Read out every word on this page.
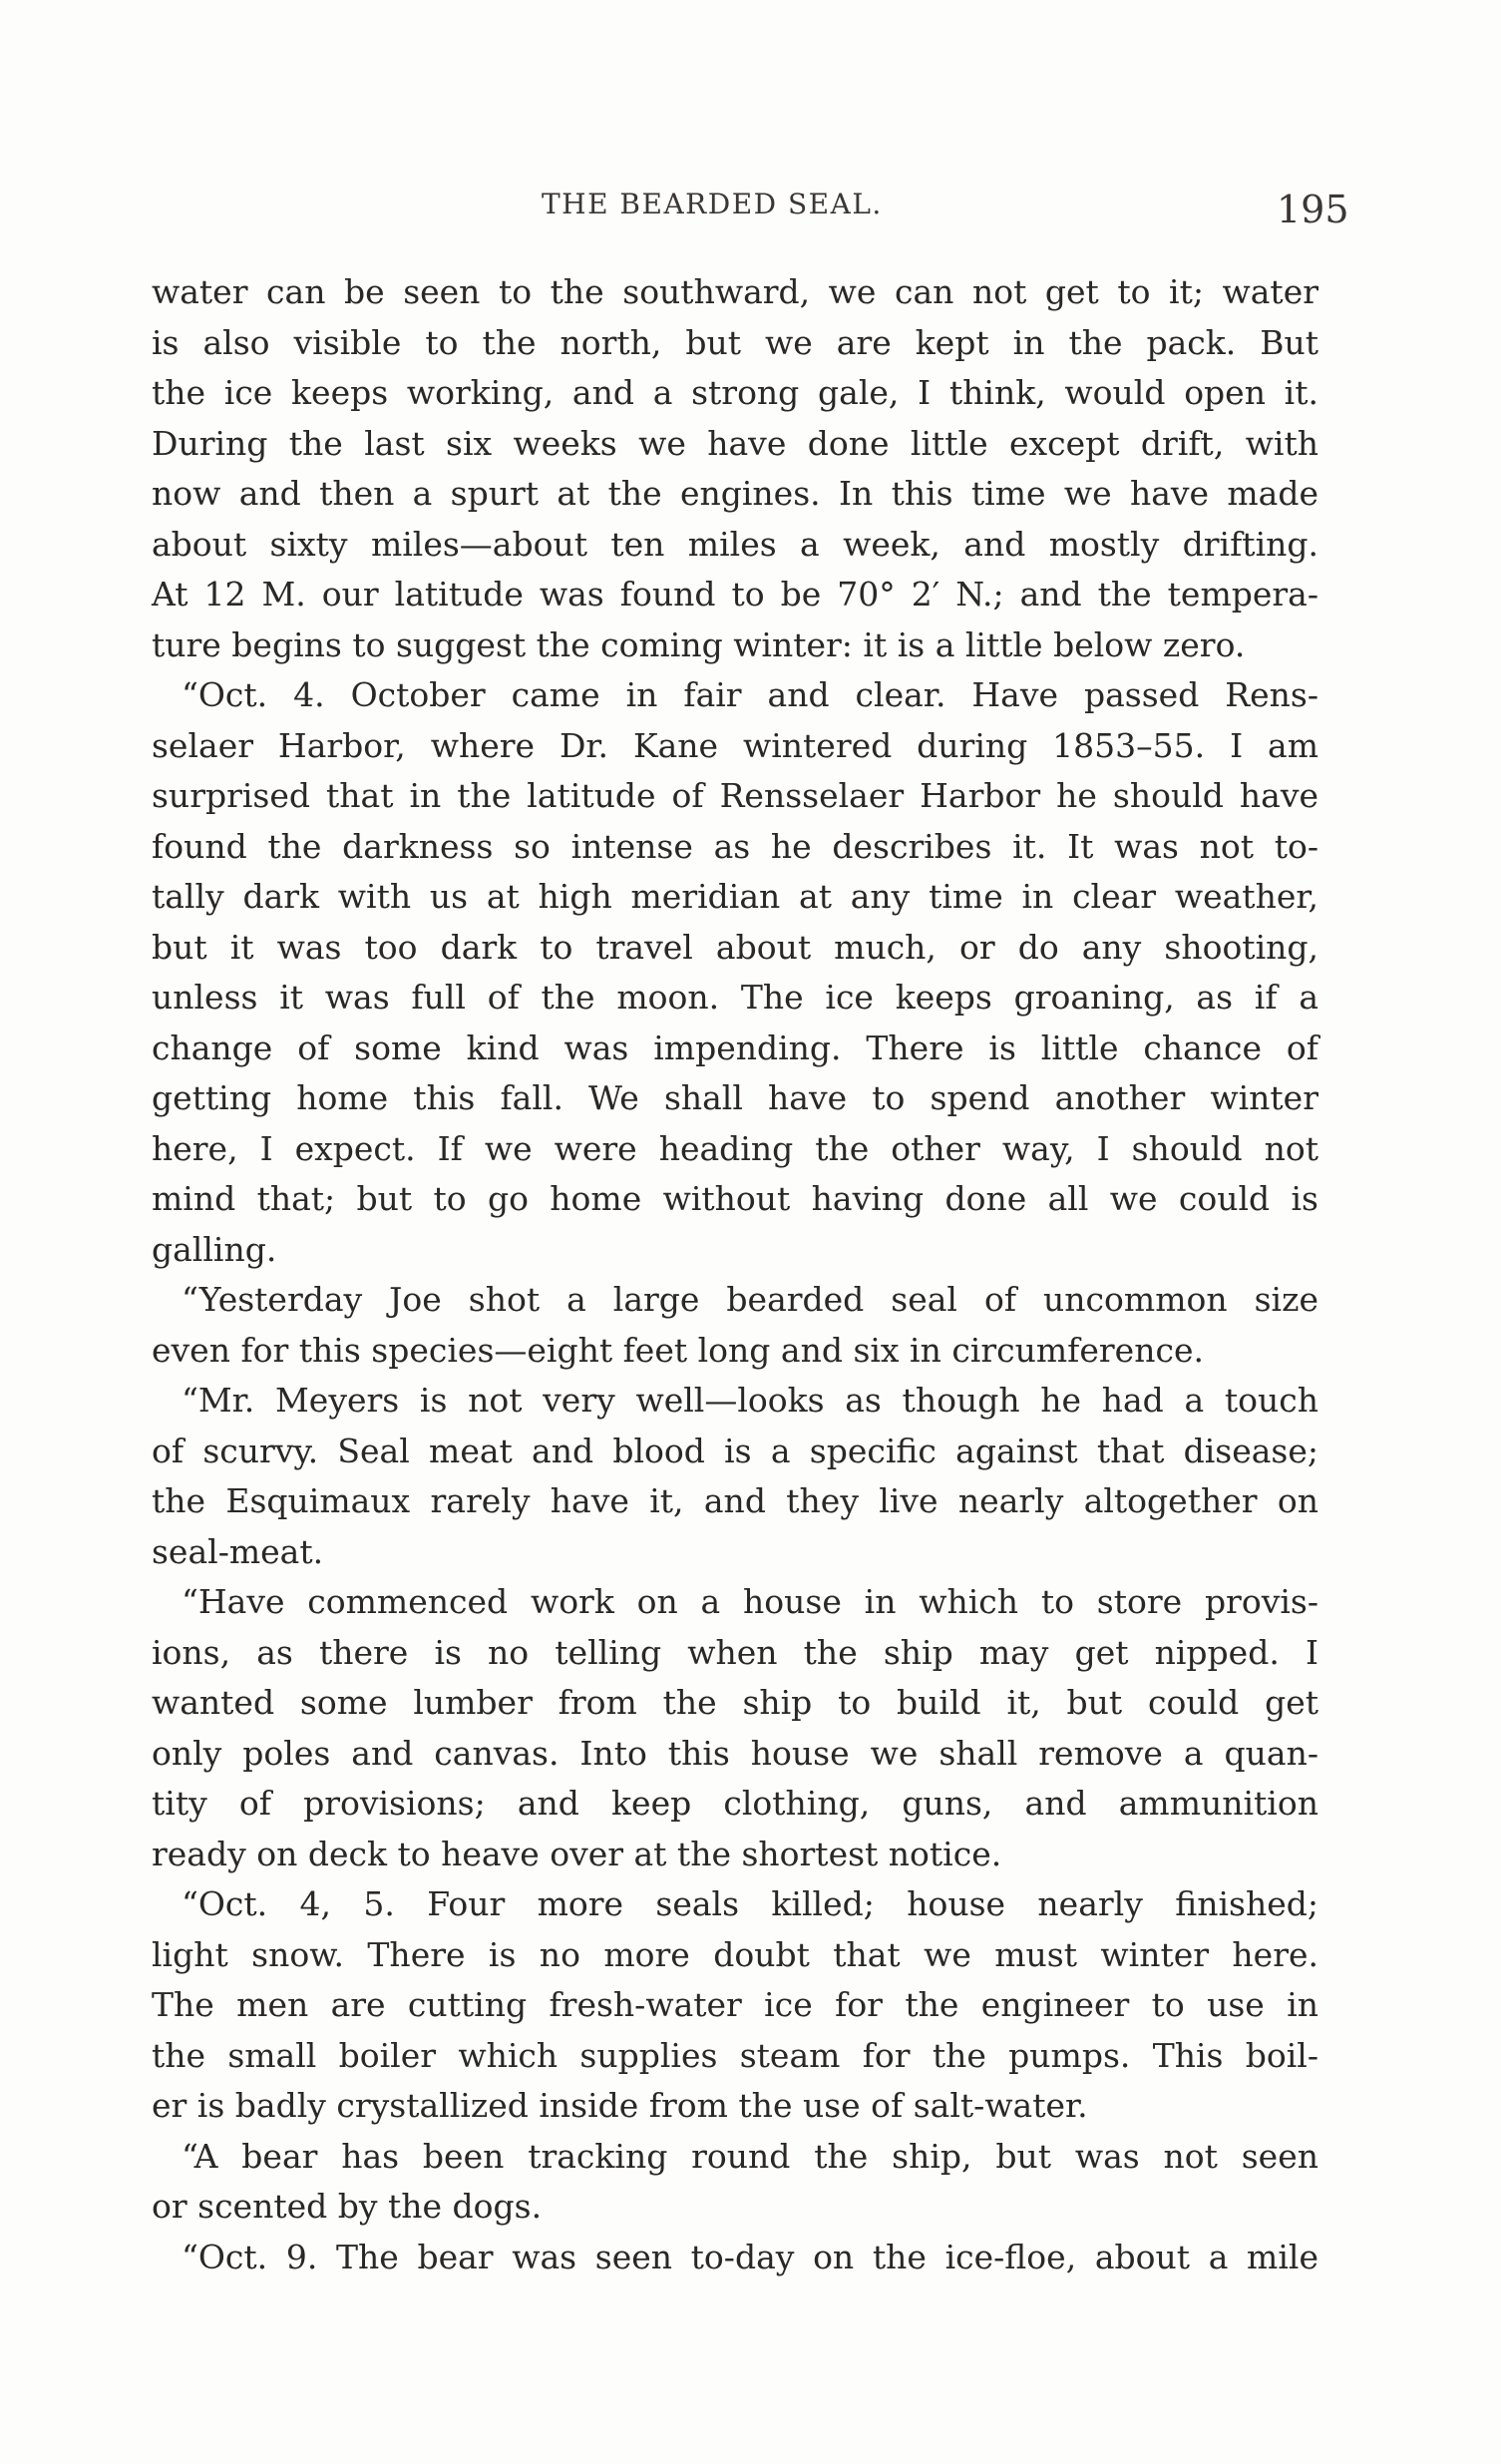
THE BEARDED SEAL.	195
water can be seen to the southward, we can not get to it; water
is also visible to the north, but we are kept in the pack. But
the ice keeps working, and a strong gale, I think, would open it.
During the last six weeks we have done little except drift, with
now and then a spurt at the engines. In this time we have made
about sixty miles—about ten miles a week, and mostly drifting.
At 12 M. our latitude was found to be 70° 2′ N.; and the tempera-
ture begins to suggest the coming winter: it is a little below zero.
“Oct. 4. October came in fair and clear. Have passed Rens-
selaer Harbor, where Dr. Kane wintered during 1853–55. I am
surprised that in the latitude of Rensselaer Harbor he should have
found the darkness so intense as he describes it. It was not to-
tally dark with us at high meridian at any time in clear weather,
but it was too dark to travel about much, or do any shooting,
unless it was full of the moon. The ice keeps groaning, as if a
change of some kind was impending. There is little chance of
getting home this fall. We shall have to spend another winter
here, I expect. If we were heading the other way, I should not
mind that; but to go home without having done all we could is
galling.
“Yesterday Joe shot a large bearded seal of uncommon size
even for this species—eight feet long and six in circumference.
“Mr. Meyers is not very well—looks as though he had a touch
of scurvy. Seal meat and blood is a specific against that disease;
the Esquimaux rarely have it, and they live nearly altogether on
seal-meat.
“Have commenced work on a house in which to store provis-
ions, as there is no telling when the ship may get nipped. I
wanted some lumber from the ship to build it, but could get
only poles and canvas. Into this house we shall remove a quan-
tity of provisions; and keep clothing, guns, and ammunition
ready on deck to heave over at the shortest notice.
“Oct. 4, 5. Four more seals killed; house nearly finished;
light snow. There is no more doubt that we must winter here.
The men are cutting fresh-water ice for the engineer to use in
the small boiler which supplies steam for the pumps. This boil-
er is badly crystallized inside from the use of salt-water.
“A bear has been tracking round the ship, but was not seen
or scented by the dogs.
“Oct. 9. The bear was seen to-day on the ice-floe, about a mile
